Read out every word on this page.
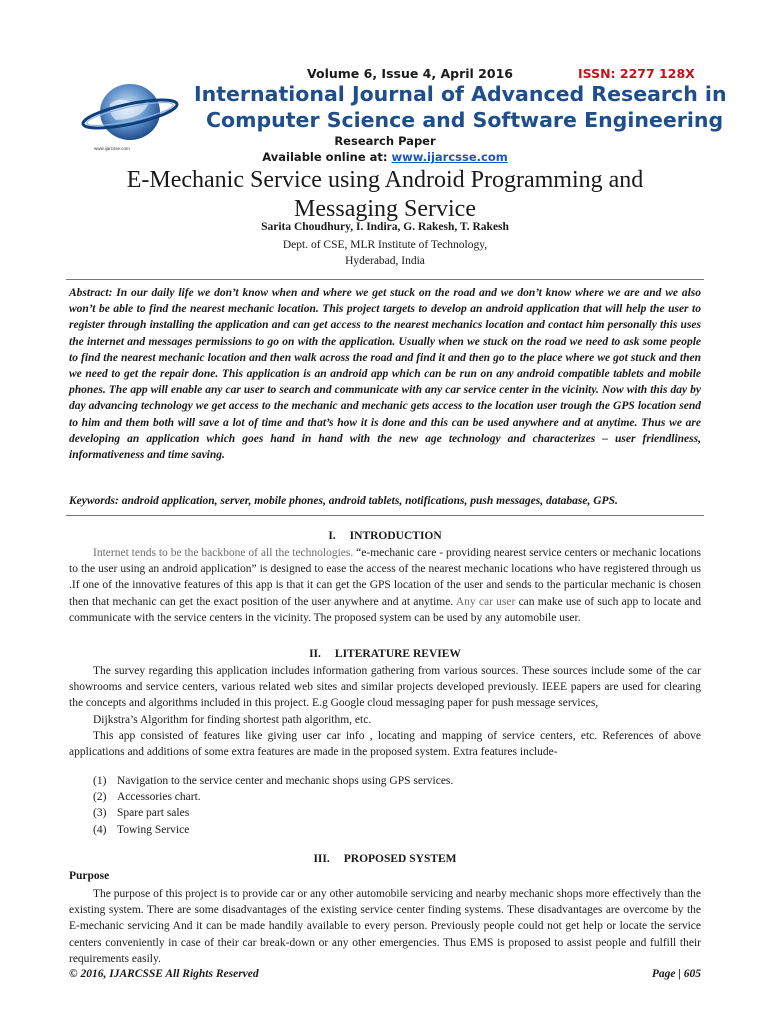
Volume 6, Issue 4, April 2016	ISSN: 2277 128X
www.ijarcsse.com
International Journal of Advanced Research in
Computer Science and Software Engineering
Research Paper
Available online at: www.ijarcsse.com
E-Mechanic Service using Android Programming and
Messaging Service
Sarita Choudhury, I. Indira, G. Rakesh, T. Rakesh
Dept. of CSE, MLR Institute of Technology,
Hyderabad, India
Abstract: In our daily life we don’t know when and where we get stuck on the road and we don’t know where we are and we also won’t be able to find the nearest mechanic location. This project targets to develop an android application that will help the user to register through installing the application and can get access to the nearest mechanics location and contact him personally this uses the internet and messages permissions to go on with the application. Usually when we stuck on the road we need to ask some people to find the nearest mechanic location and then walk across the road and find it and then go to the place where we got stuck and then we need to get the repair done. This application is an android app which can be run on any android compatible tablets and mobile phones. The app will enable any car user to search and communicate with any car service center in the vicinity. Now with this day by day advancing technology we get access to the mechanic and mechanic gets access to the location user trough the GPS location send to him and them both will save a lot of time and that’s how it is done and this can be used anywhere and at anytime. Thus we are developing an application which goes hand in hand with the new age technology and characterizes – user friendliness, informativeness and time saving.
Keywords: android application, server, mobile phones, android tablets, notifications, push messages, database, GPS.
I. INTRODUCTION
Internet tends to be the backbone of all the technologies. “e-mechanic care - providing nearest service centers or mechanic locations to the user using an android application” is designed to ease the access of the nearest mechanic locations who have registered through us .If one of the innovative features of this app is that it can get the GPS location of the user and sends to the particular mechanic is chosen then that mechanic can get the exact position of the user anywhere and at anytime. Any car user can make use of such app to locate and communicate with the service centers in the vicinity. The proposed system can be used by any automobile user.
II. LITERATURE REVIEW
The survey regarding this application includes information gathering from various sources. These sources include some of the car showrooms and service centers, various related web sites and similar projects developed previously. IEEE papers are used for clearing the concepts and algorithms included in this project. E.g Google cloud messaging paper for push message services,
Dijkstra’s Algorithm for finding shortest path algorithm, etc.
This app consisted of features like giving user car info , locating and mapping of service centers, etc. References of above applications and additions of some extra features are made in the proposed system. Extra features include-
(1) Navigation to the service center and mechanic shops using GPS services.
(2) Accessories chart.
(3) Spare part sales
(4) Towing Service
III. PROPOSED SYSTEM
Purpose
The purpose of this project is to provide car or any other automobile servicing and nearby mechanic shops more effectively than the existing system. There are some disadvantages of the existing service center finding systems. These disadvantages are overcome by the E-mechanic servicing And it can be made handily available to every person. Previously people could not get help or locate the service centers conveniently in case of their car break-down or any other emergencies. Thus EMS is proposed to assist people and fulfill their requirements easily.
© 2016, IJARCSSE All Rights Reserved	Page | 605
